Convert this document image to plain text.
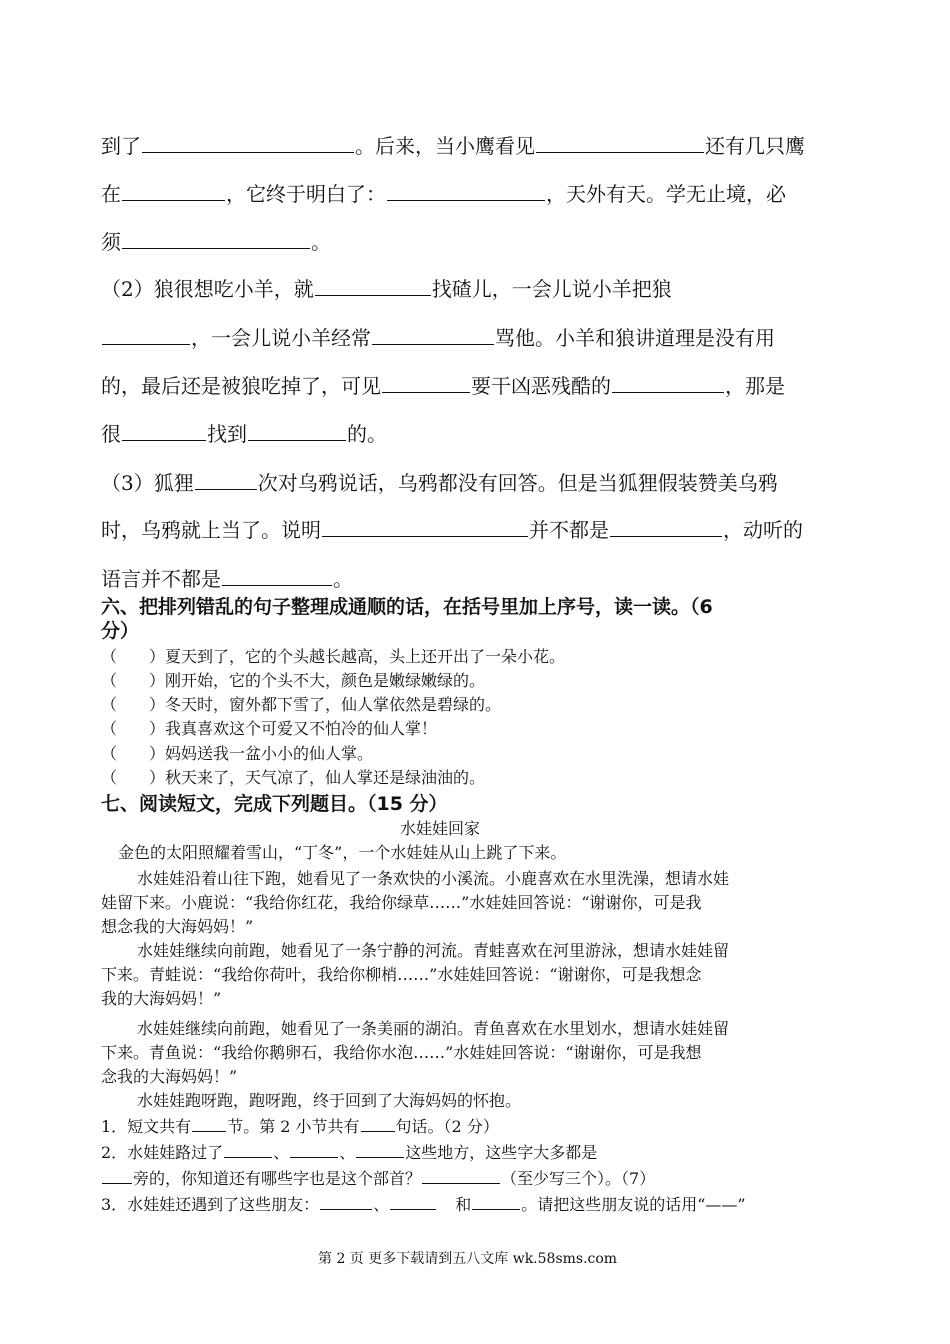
到了	。后来，当小鹰看见	还有几只鹰
在	，它终于明白了：	，天外有天。学无止境，必
须	。
（2）狼很想吃小羊，就	找碴儿，一会儿说小羊把狼
，一会儿说小羊经常	骂他。小羊和狼讲道理是没有用
的，最后还是被狼吃掉了，可见	要干凶恶残酷的	，那是
很	找到	的。
（3）狐狸	次对乌鸦说话，乌鸦都没有回答。但是当狐狸假装赞美乌鸦
时，乌鸦就上当了。说明	并不都是	，动听的
语言并不都是	。
六、把排列错乱的句子整理成通顺的话，在括号里加上序号，读一读。（6
分）
（　　）夏天到了，它的个头越长越高，头上还开出了一朵小花。
（　　）刚开始，它的个头不大，颜色是嫩绿嫩绿的。
（　　）冬天时，窗外都下雪了，仙人掌依然是碧绿的。
（　　）我真喜欢这个可爱又不怕冷的仙人掌！
（　　）妈妈送我一盆小小的仙人掌。
（　　）秋天来了，天气凉了，仙人掌还是绿油油的。
七、阅读短文，完成下列题目。（15 分）
水娃娃回家
金色的太阳照耀着雪山，“丁冬”，一个水娃娃从山上跳了下来。
水娃娃沿着山往下跑，她看见了一条欢快的小溪流。小鹿喜欢在水里洗澡，想请水娃
娃留下来。小鹿说：“我给你红花，我给你绿草……”水娃娃回答说：“谢谢你，可是我
想念我的大海妈妈！”
水娃娃继续向前跑，她看见了一条宁静的河流。青蛙喜欢在河里游泳，想请水娃娃留
下来。青蛙说：“我给你荷叶，我给你柳梢……”水娃娃回答说：“谢谢你，可是我想念
我的大海妈妈！”
水娃娃继续向前跑，她看见了一条美丽的湖泊。青鱼喜欢在水里划水，想请水娃娃留
下来。青鱼说：“我给你鹅卵石，我给你水泡……”水娃娃回答说：“谢谢你，可是我想
念我的大海妈妈！”
水娃娃跑呀跑，跑呀跑，终于回到了大海妈妈的怀抱。
1．短文共有 节。第 2 小节共有 句话。（2 分）
2．水娃娃路过了	、	、	这些地方，这些字大多都是
旁的，你知道还有哪些字也是这个部首？	（至少写三个）。（7）
3．水娃娃还遇到了这些朋友：	、	和	。请把这些朋友说的话用“——”
第 2 页 更多下载请到五八文库 wk.58sms.com
